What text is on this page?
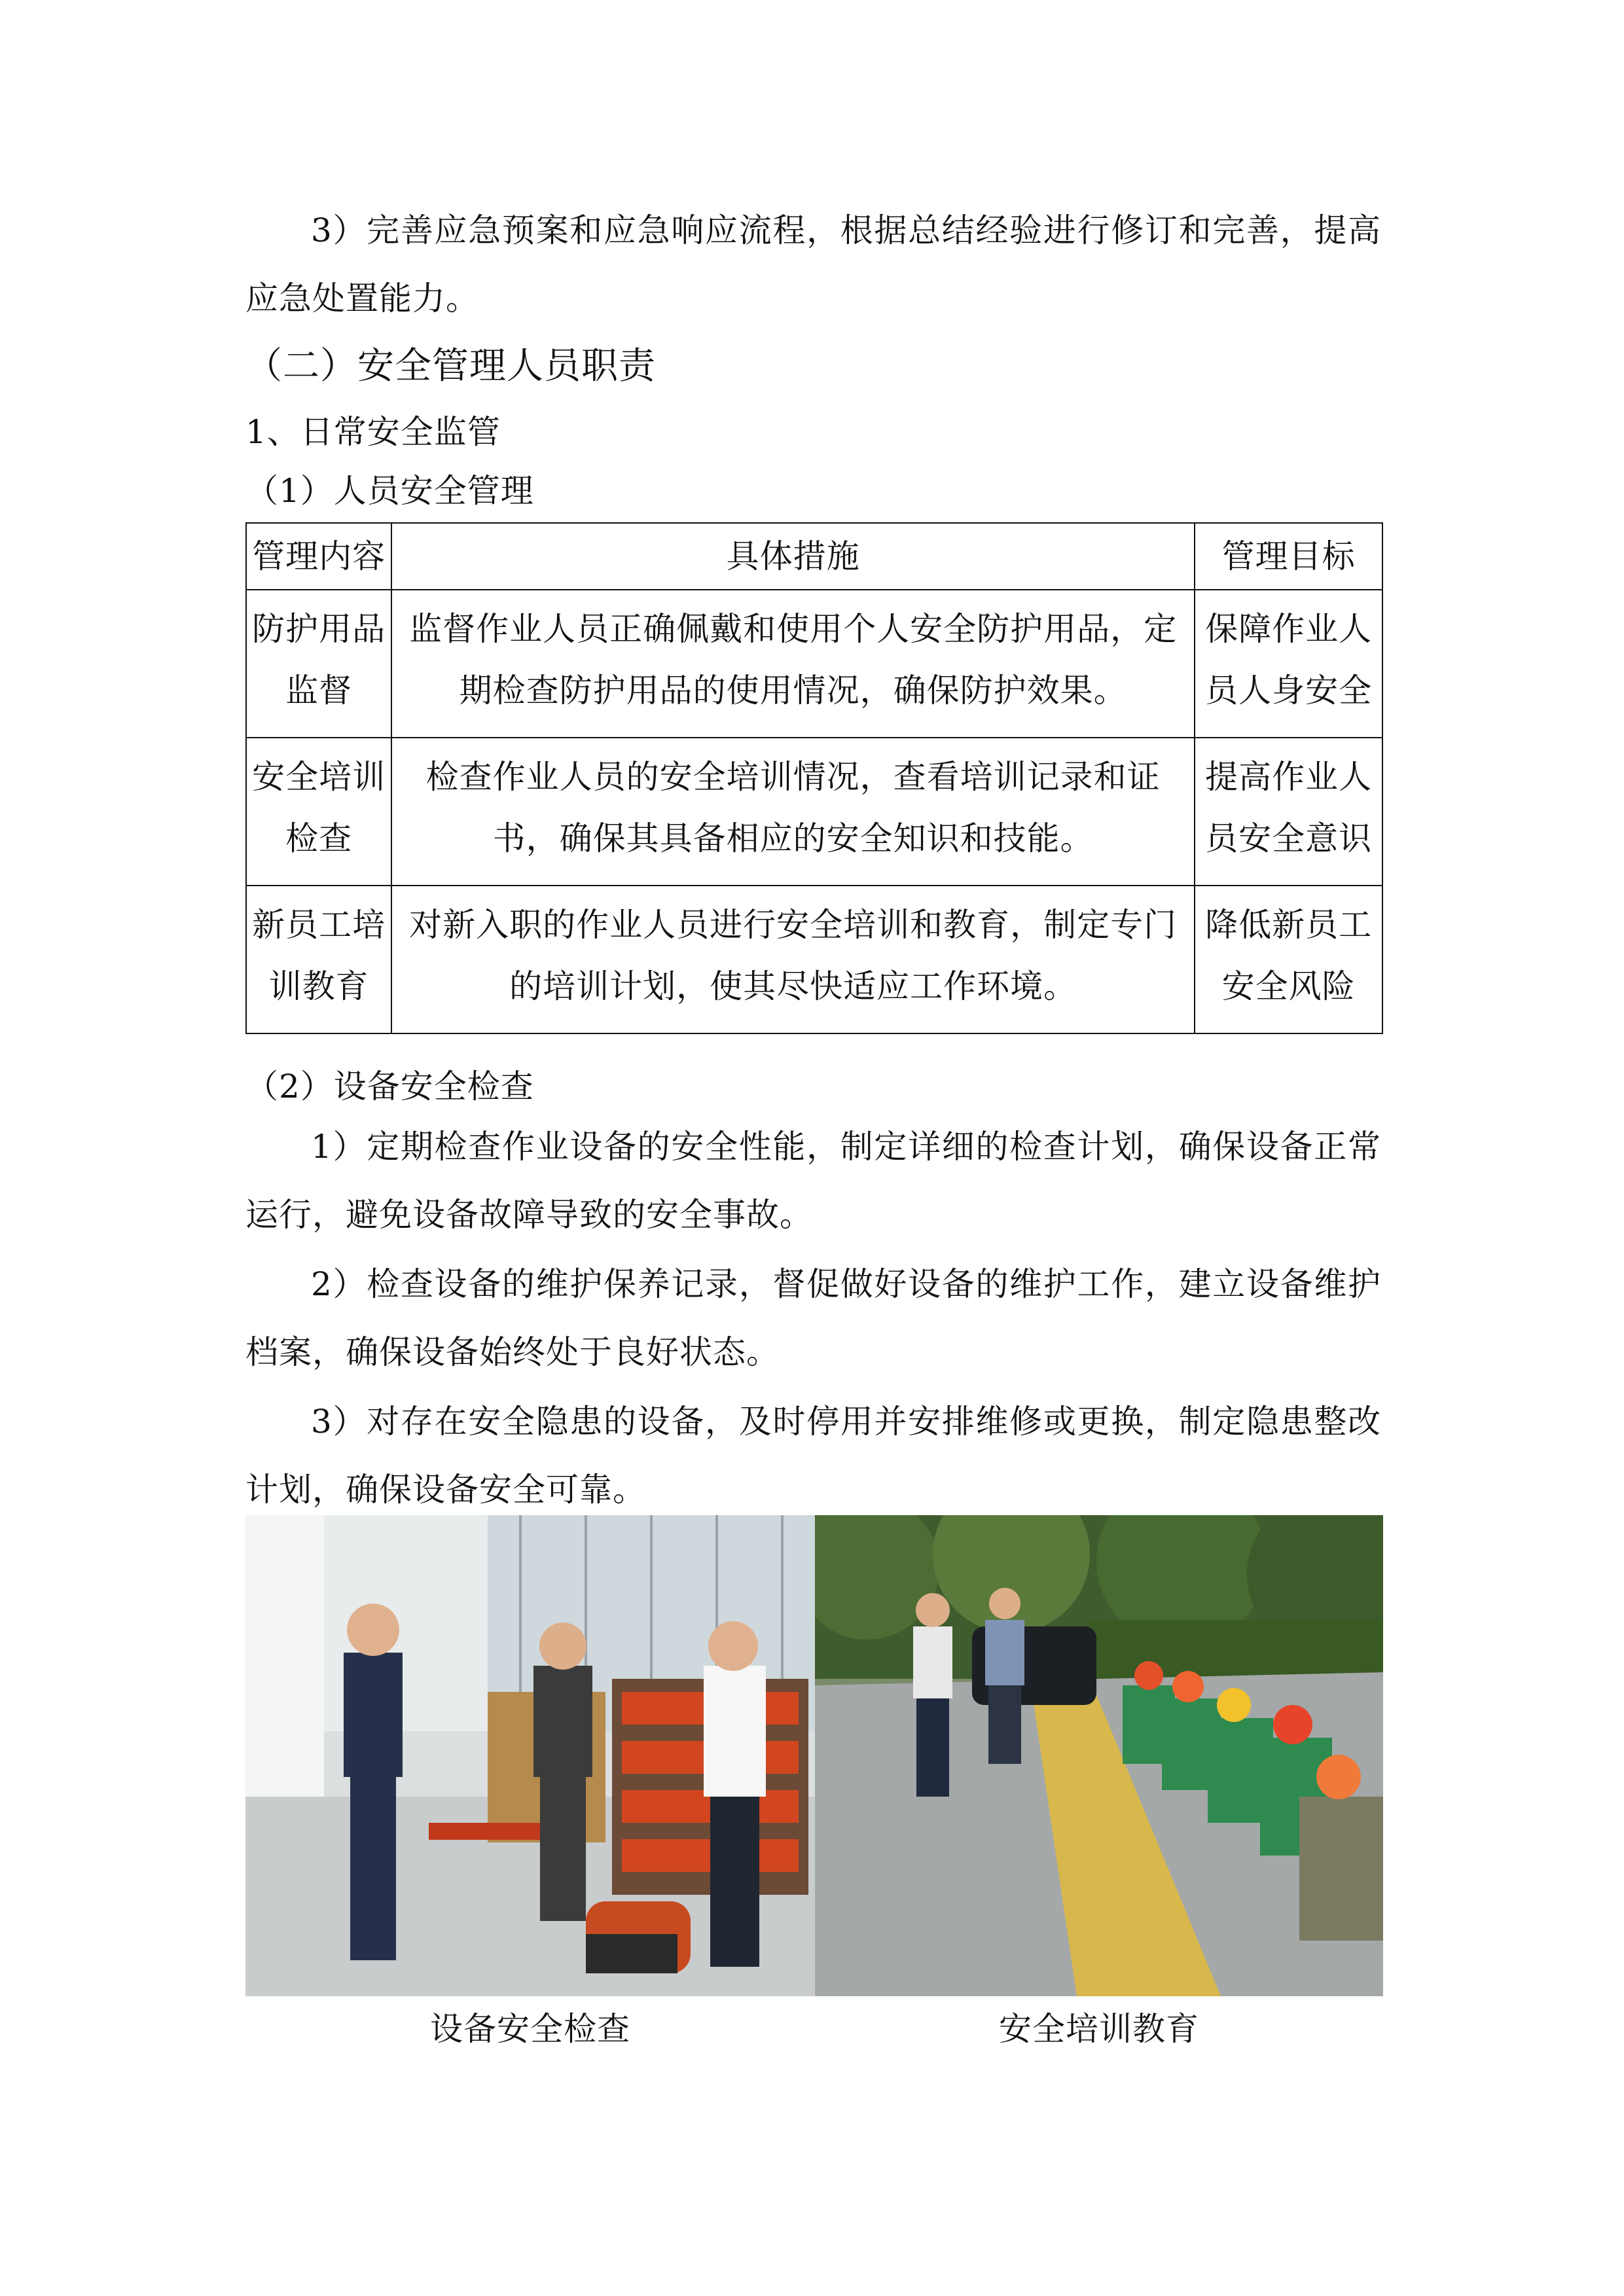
3）完善应急预案和应急响应流程，根据总结经验进行修订和完善，提高应急处置能力。

（二）安全管理人员职责
1、日常安全监管
（1）人员安全管理
管理内容	具体措施	管理目标
防护用品监督	监督作业人员正确佩戴和使用个人安全防护用品，定期检查防护用品的使用情况，确保防护效果。	保障作业人员人身安全
安全培训检查	检查作业人员的安全培训情况，查看培训记录和证书，确保其具备相应的安全知识和技能。	提高作业人员安全意识
新员工培训教育	对新入职的作业人员进行安全培训和教育，制定专门的培训计划，使其尽快适应工作环境。	降低新员工安全风险
（2）设备安全检查

1）定期检查作业设备的安全性能，制定详细的检查计划，确保设备正常运行，避免设备故障导致的安全事故。

2）检查设备的维护保养记录，督促做好设备的维护工作，建立设备维护档案，确保设备始终处于良好状态。

3）对存在安全隐患的设备，及时停用并安排维修或更换，制定隐患整改计划，确保设备安全可靠。

设备安全检查	安全培训教育
